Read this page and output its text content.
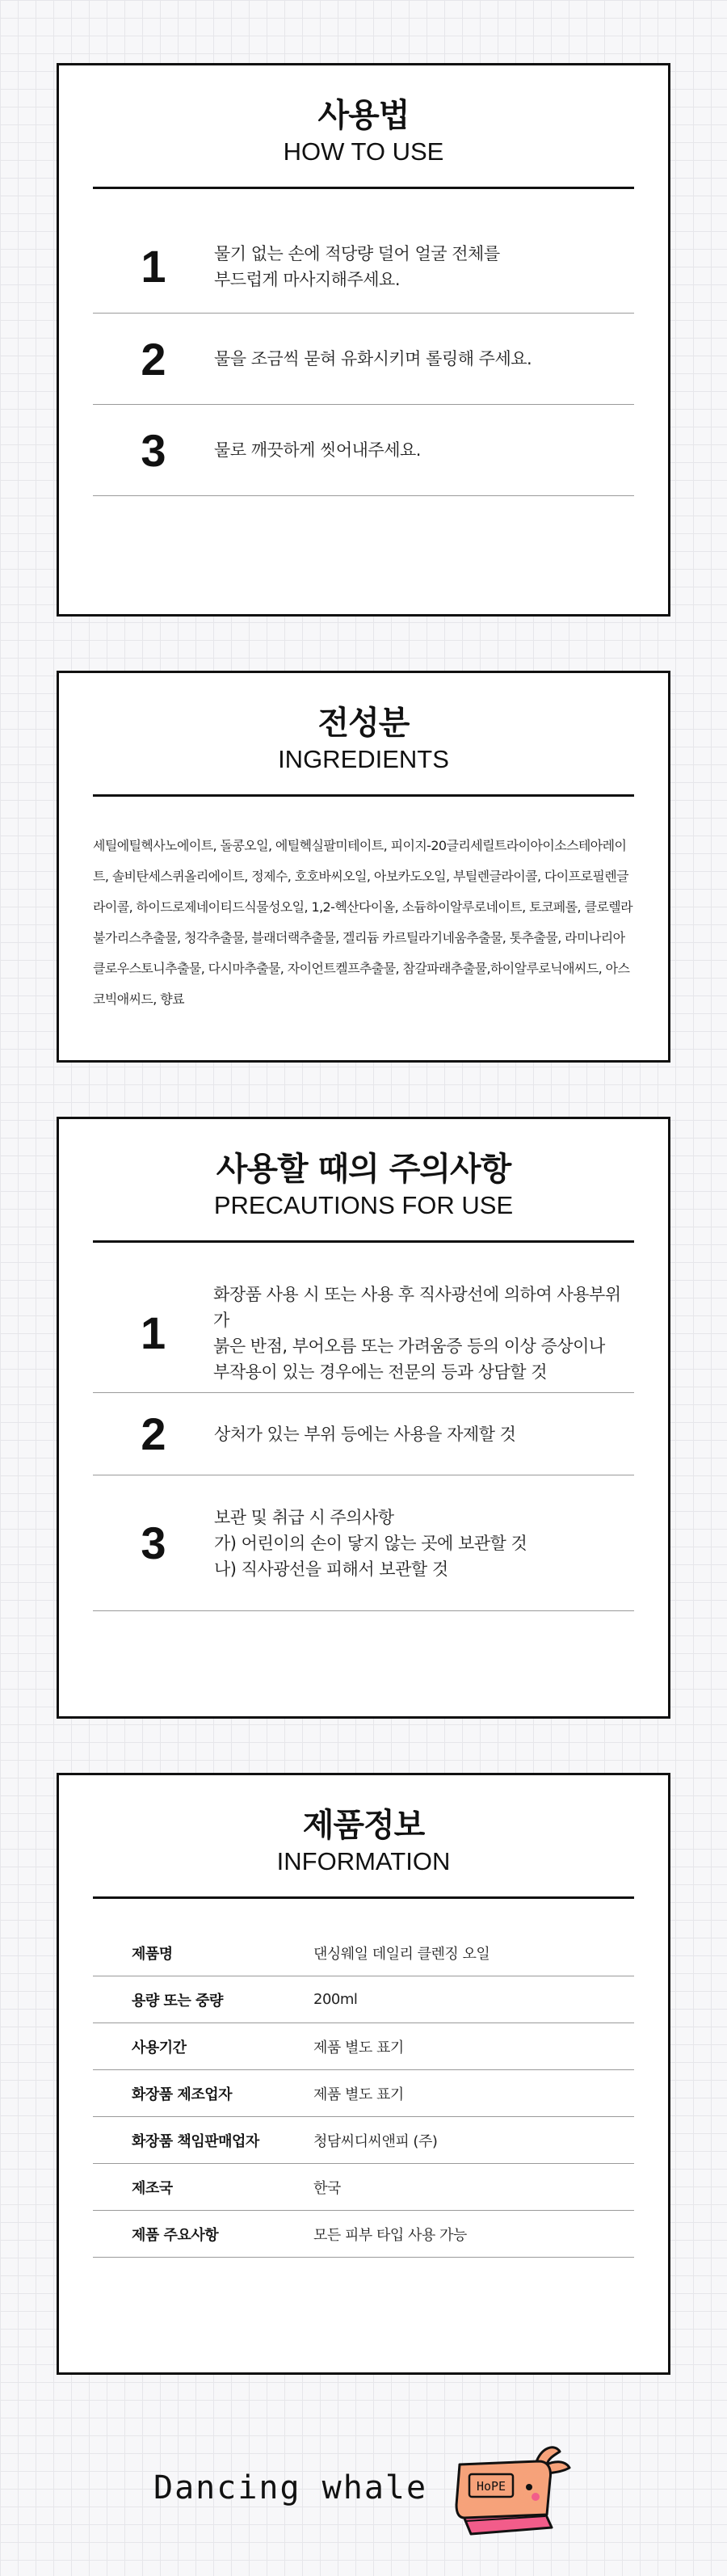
사용법
HOW TO USE
1	물기 없는 손에 적당량 덜어 얼굴 전체를
부드럽게 마사지해주세요.
2	물을 조금씩 묻혀 유화시키며 롤링해 주세요.
3	물로 깨끗하게 씻어내주세요.
전성분
INGREDIENTS
세틸에틸헥사노에이트, 돌콩오일, 에틸헥실팔미테이트, 피이지-20글리세릴트라이아이소스테아레이트, 솔비탄세스퀴올리에이트, 정제수, 호호바씨오일, 아보카도오일, 부틸렌글라이콜, 다이프로필렌글라이콜, 하이드로제네이티드식물성오일, 1,2-헥산다이올, 소듐하이알루로네이트, 토코페롤, 클로렐라 불가리스추출물, 청각추출물, 블래더랙추출물, 겔리듐 카르틸라기네움추출물, 톳추출물, 라미나리아 클로우스토니추출물, 다시마추출물, 자이언트켈프추출물, 참갈파래추출물,하이알루로닉애씨드, 아스코빅애씨드, 향료
사용할 때의 주의사항
PRECAUTIONS FOR USE
1
화장품 사용 시 또는 사용 후 직사광선에 의하여 사용부위가
붉은 반점, 부어오름 또는 가려움증 등의 이상 증상이나
부작용이 있는 경우에는 전문의 등과 상담할 것
2	상처가 있는 부위 등에는 사용을 자제할 것
3
보관 및 취급 시 주의사항
가) 어린이의 손이 닿지 않는 곳에 보관할 것
나) 직사광선을 피해서 보관할 것
제품정보
INFORMATION
제품명	댄싱웨일 데일리 클렌징 오일
용량 또는 중량	200ml
사용기간	제품 별도 표기
화장품 제조업자	제품 별도 표기
화장품 책임판매업자	청담씨디씨앤피 (주)
제조국	한국
제품 주요사항	모든 피부 타입 사용 가능
Dancing whale	HoPE
